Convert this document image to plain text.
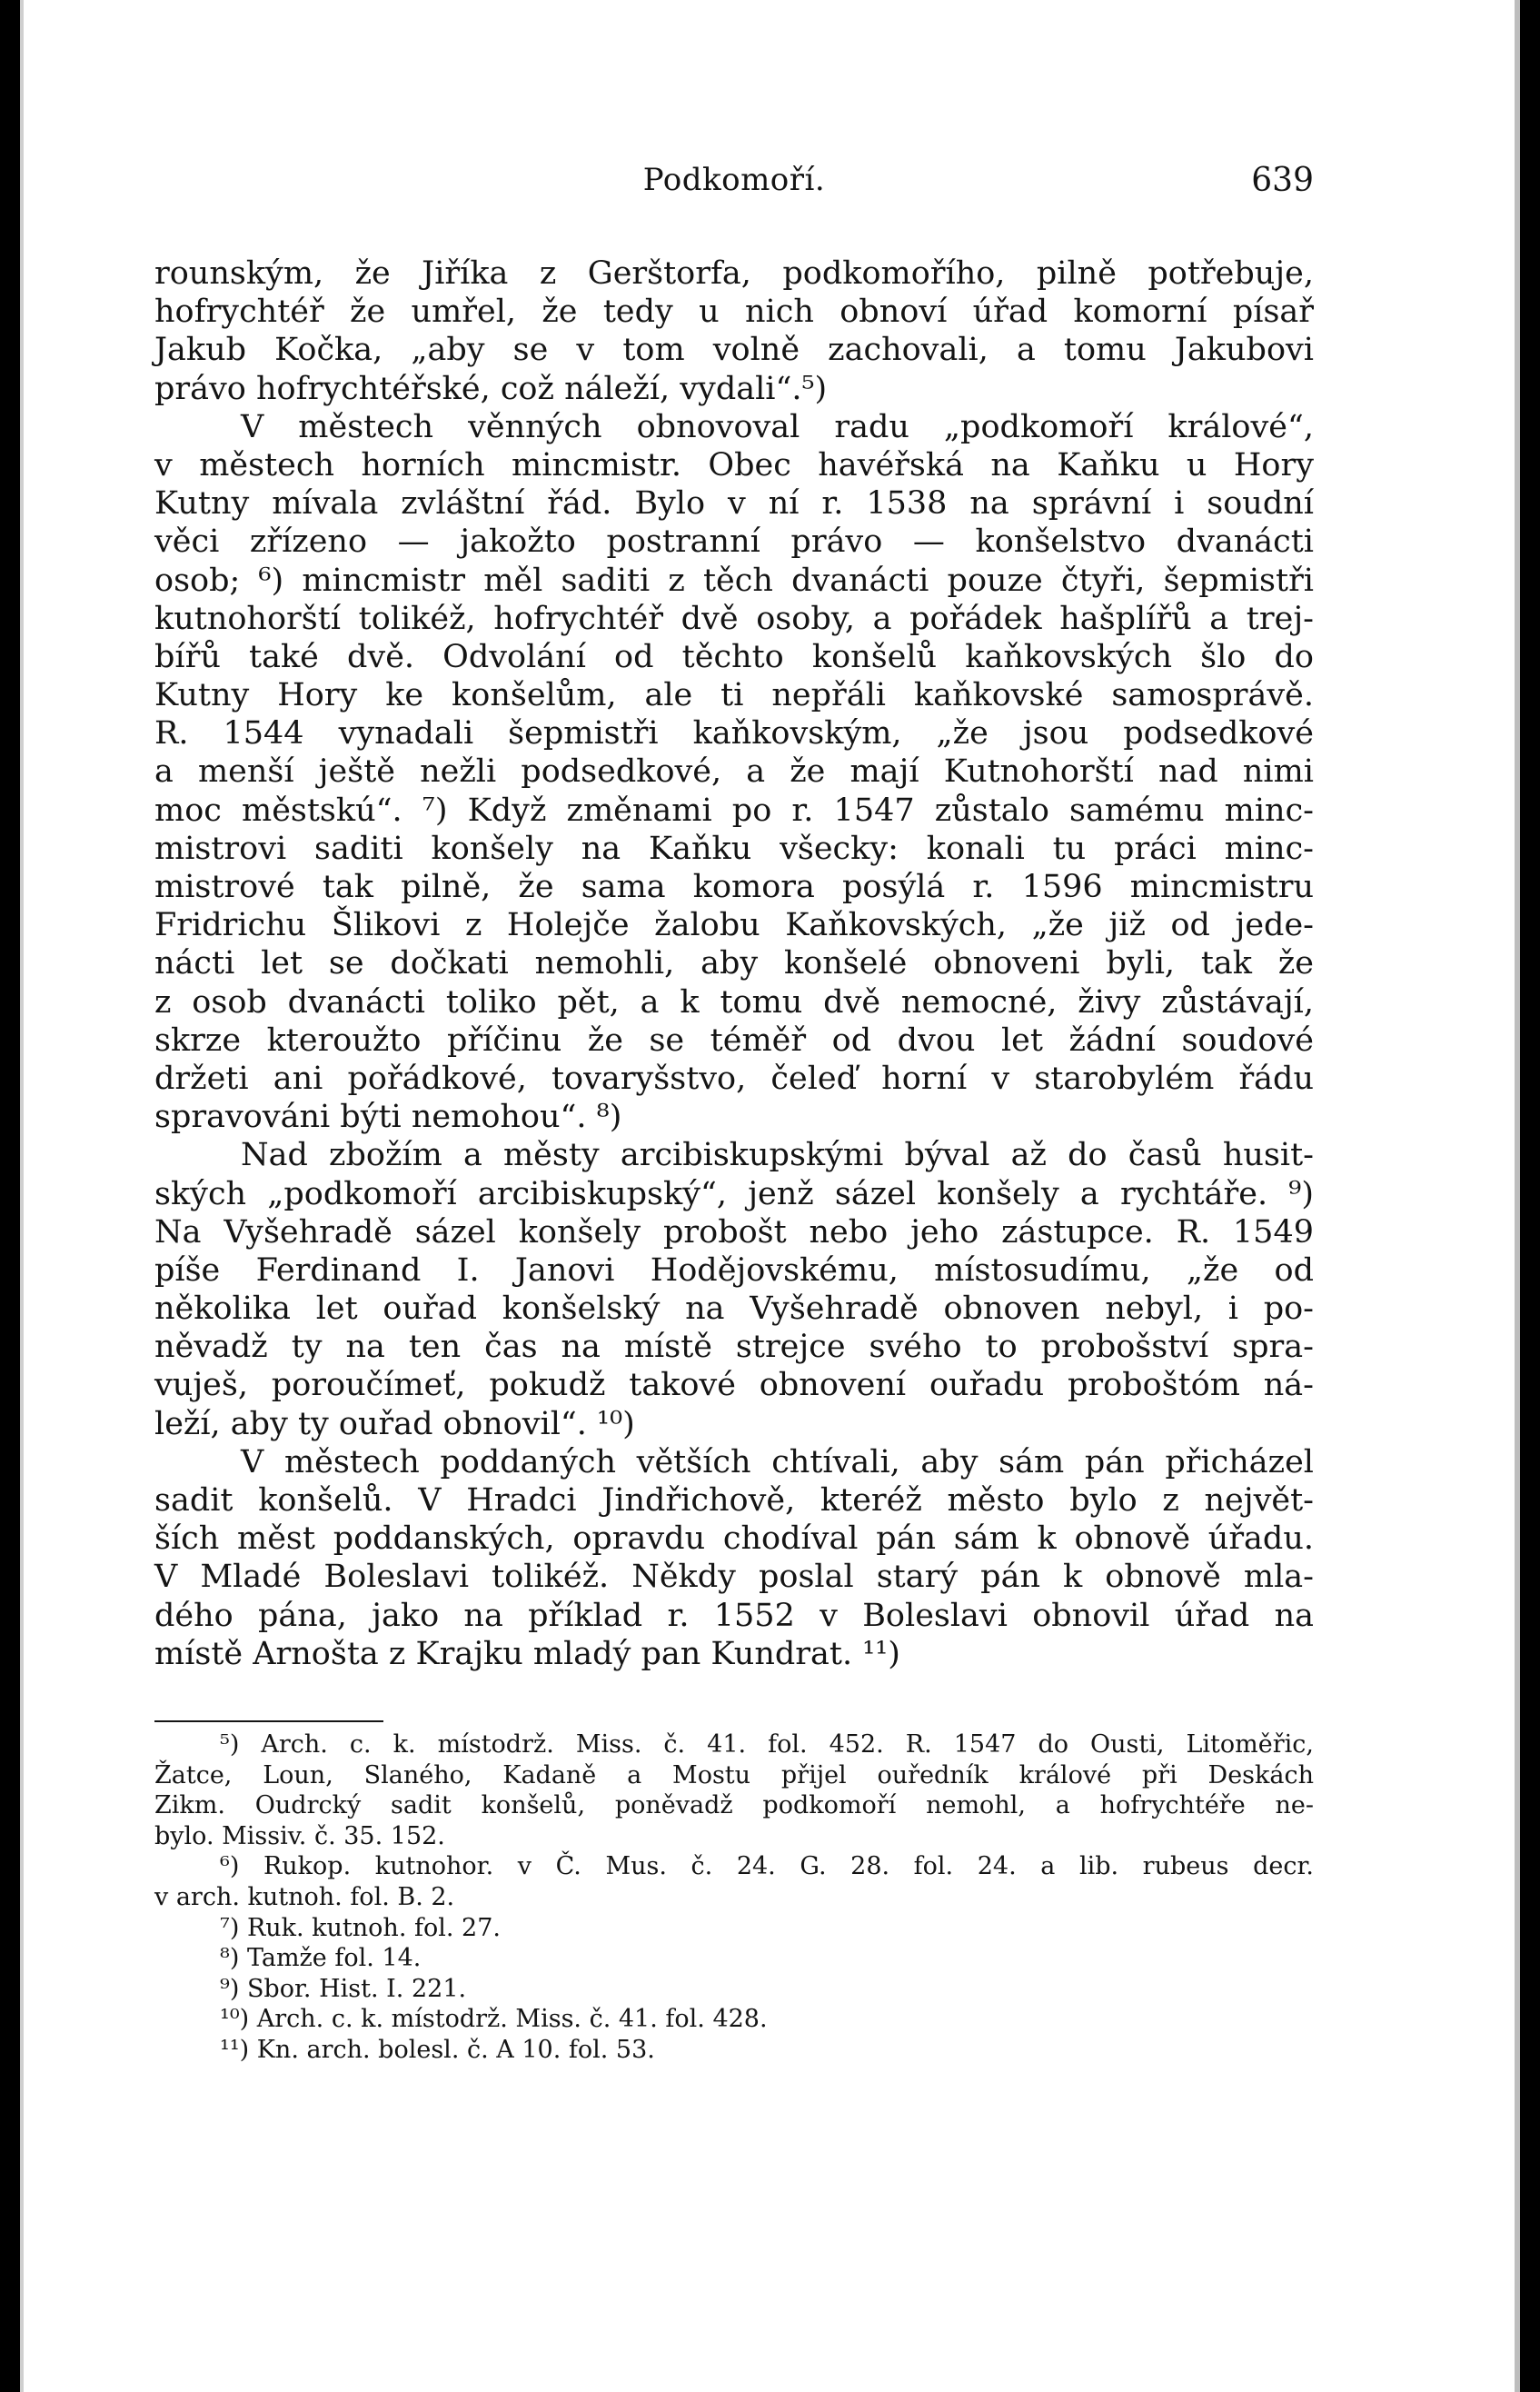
Podkomoří.	639
rounským, že Jiříka z Gerštorfa, podkomořího, pilně potřebuje,
hofrychtéř že umřel, že tedy u nich obnoví úřad komorní písař
Jakub Kočka, „aby se v tom volně zachovali, a tomu Jakubovi
právo hofrychtéřské, což náleží, vydali“.⁵)
V městech věnných obnovoval radu „podkomoří králové“,
v městech horních mincmistr. Obec havéřská na Kaňku u Hory
Kutny mívala zvláštní řád. Bylo v ní r. 1538 na správní i soudní
věci zřízeno — jakožto postranní právo — konšelstvo dvanácti
osob; ⁶) mincmistr měl saditi z těch dvanácti pouze čtyři, šepmistři
kutnohorští tolikéž, hofrychtéř dvě osoby, a pořádek hašplířů a trej-
bířů také dvě. Odvolání od těchto konšelů kaňkovských šlo do
Kutny Hory ke konšelům, ale ti nepřáli kaňkovské samosprávě.
R. 1544 vynadali šepmistři kaňkovským, „že jsou podsedkové
a menší ještě nežli podsedkové, a že mají Kutnohorští nad nimi
moc městskú“. ⁷) Když změnami po r. 1547 zůstalo samému minc-
mistrovi saditi konšely na Kaňku všecky: konali tu práci minc-
mistrové tak pilně, že sama komora posýlá r. 1596 mincmistru
Fridrichu Šlikovi z Holejče žalobu Kaňkovských, „že již od jede-
nácti let se dočkati nemohli, aby konšelé obnoveni byli, tak že
z osob dvanácti toliko pět, a k tomu dvě nemocné, živy zůstávají,
skrze kteroužto příčinu že se téměř od dvou let žádní soudové
držeti ani pořádkové, tovaryšstvo, čeleď horní v starobylém řádu
spravováni býti nemohou“. ⁸)
Nad zbožím a městy arcibiskupskými býval až do časů husit-
ských „podkomoří arcibiskupský“, jenž sázel konšely a rychtáře. ⁹)
Na Vyšehradě sázel konšely probošt nebo jeho zástupce. R. 1549
píše Ferdinand I. Janovi Hodějovskému, místosudímu, „že od
několika let ouřad konšelský na Vyšehradě obnoven nebyl, i po-
něvadž ty na ten čas na místě strejce svého to probošství spra-
vuješ, poroučímeť, pokudž takové obnovení ouřadu proboštóm ná-
leží, aby ty ouřad obnovil“. ¹⁰)
V městech poddaných větších chtívali, aby sám pán přicházel
sadit konšelů. V Hradci Jindřichově, kteréž město bylo z největ-
ších měst poddanských, opravdu chodíval pán sám k obnově úřadu.
V Mladé Boleslavi tolikéž. Někdy poslal starý pán k obnově mla-
dého pána, jako na příklad r. 1552 v Boleslavi obnovil úřad na
místě Arnošta z Krajku mladý pan Kundrat. ¹¹)
⁵) Arch. c. k. místodrž. Miss. č. 41. fol. 452. R. 1547 do Ousti, Litoměřic,
Žatce, Loun, Slaného, Kadaně a Mostu přijel ouředník králové při Deskách
Zikm. Oudrcký sadit konšelů, poněvadž podkomoří nemohl, a hofrychtéře ne-
bylo. Missiv. č. 35. 152.
⁶) Rukop. kutnohor. v Č. Mus. č. 24. G. 28. fol. 24. a lib. rubeus decr.
v arch. kutnoh. fol. B. 2.
⁷) Ruk. kutnoh. fol. 27.
⁸) Tamže fol. 14.
⁹) Sbor. Hist. I. 221.
¹⁰) Arch. c. k. místodrž. Miss. č. 41. fol. 428.
¹¹) Kn. arch. bolesl. č. A 10. fol. 53.
